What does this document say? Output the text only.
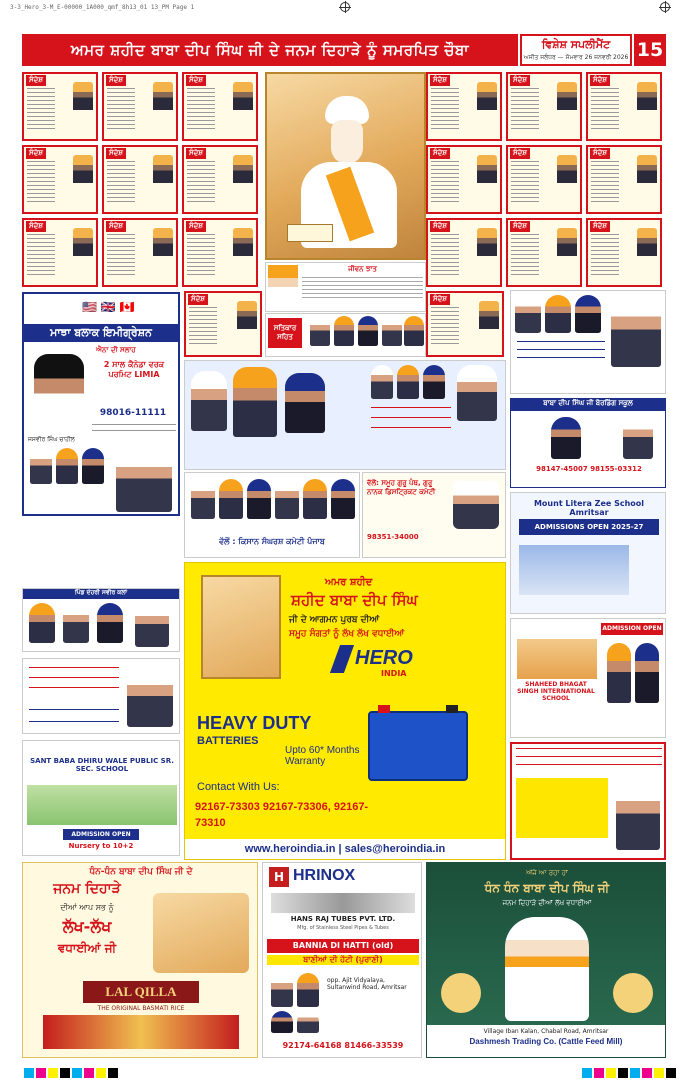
3-3_Hero_3-M_E-00000_1A000_qmf_8h13_01 13_PM Page 1
ਅਮਰ ਸ਼ਹੀਦ ਬਾਬਾ ਦੀਪ ਸਿੰਘ ਜੀ ਦੇ ਜਨਮ ਦਿਹਾੜੇ ਨੂੰ ਸਮਰਪਿਤ ਚੌਬਾ	ਵਿਸ਼ੇਸ਼ ਸਪਲੀਮੈਂਟ
ਅਜੀਤ ਜਲੰਧਰ — ਸੋਮਵਾਰ 26 ਜਨਵਰੀ 2026 15
ਸੰਦੇਸ਼	ਸੰਦੇਸ਼	ਸੰਦੇਸ਼	ਸੰਦੇਸ਼	ਸੰਦੇਸ਼	ਸੰਦੇਸ਼
ਸੰਦੇਸ਼	ਸੰਦੇਸ਼	ਸੰਦੇਸ਼	ਸੰਦੇਸ਼	ਸੰਦੇਸ਼	ਸੰਦੇਸ਼
ਸੰਦੇਸ਼	ਸੰਦੇਸ਼	ਸੰਦੇਸ਼	ਸੰਦੇਸ਼	ਸੰਦੇਸ਼	ਸੰਦੇਸ਼
ਸੰਦੇਸ਼	ਸੰਦੇਸ਼
ਜੀਵਨ ਝਾਤ
ਸਤਿਕਾਰ ਸਹਿਤ
🇺🇸 🇬🇧 🇨🇦
ਮਾਝਾ ਬਲਾਕ ਇਮੀਗ੍ਰੇਸ਼ਨ
ਐਨਾ ਦੀ ਸਲਾਹ
2 ਸਾਲ ਕੈਨੇਡਾ ਵਰਕ ਪਰਮਿਟ LIMIA
98016-11111
ਜਸਵੀਰ ਸਿੰਘ ਚਾਹੀਲ
ਵੱਲੋਂ : ਕਿਸਾਨ ਸੰਘਰਸ਼ ਕਮੇਟੀ ਪੰਜਾਬ
ਵੱਲੋਂ: ਸਮੂਹ ਗੁਰੂ ਪੰਥ, ਗੁਰੂ ਨਾਨਕ ਡਿਸਟ੍ਰਿਕਟ ਕਮੇਟੀ
98351-34000
ਬਾਬਾ ਦੀਪ ਸਿੰਘ ਜੀ ਬੋਰਡਿੰਗ ਸਕੂਲ
98147-45007 98155-03312
Mount Litera Zee School Amritsar
ADMISSIONS OPEN 2025-27
ADMISSION OPEN
SHAHEED BHAGAT SINGH INTERNATIONAL SCHOOL
ਪਿੰਡ ਦੇਹਰੀ ਸਵੀਰ ਕਲਾਂ
SANT BABA DHIRU WALE PUBLIC SR. SEC. SCHOOL
ADMISSION OPEN
Nursery to 10+2
ਅਮਰ ਸ਼ਹੀਦ
ਸ਼ਹੀਦ ਬਾਬਾ ਦੀਪ ਸਿੰਘ
ਜੀ ਦੇ ਆਗਮਨ ਪੁਰਬ ਦੀਆਂ
ਸਮੂਹ ਸੰਗਤਾਂ ਨੂੰ ਲੱਖ ਲੱਖ ਵਧਾਈਆਂ
HERO
INDIA
HEAVY DUTY
BATTERIES
Upto 60* Months Warranty
Contact With Us:
92167-73303 92167-73306, 92167-73310
www.heroindia.in | sales@heroindia.in
ਧੰਨ-ਧੰਨ ਬਾਬਾ ਦੀਪ ਸਿੰਘ ਜੀ ਦੇ
ਜਨਮ ਦਿਹਾੜੇ
ਦੀਆਂ ਆਪ ਸਭ ਨੂੰ
ਲੱਖ-ਲੱਖ
ਵਧਾਈਆਂ ਜੀ
LAL QILLA
THE ORIGINAL BASMATI RICE
H HRINOX
HANS RAJ TUBES PVT. LTD.
Mfg. of Stainless Steel Pipes & Tubes
BANNIA DI HATTI (old)
ਬਾਣੀਆਂ ਦੀ ਹੱਟੀ (ਪੁਰਾਣੀ)
opp. Ajit Vidyalaya, Sultanwind Road, Amritsar
92174-64168 81466-33539
ਅੱਜੇ ਆ ਰਹਾ ਹਾਂ
ਧੰਨ ਧੰਨ ਬਾਬਾ ਦੀਪ ਸਿੰਘ ਜੀ
ਜਨਮ ਦਿਹਾੜੇ ਦੀਆਂ ਲੱਖ ਵਧਾਈਆਂ
Village Iban Kalan, Chabal Road, Amritsar
Dashmesh Trading Co. (Cattle Feed Mill)
